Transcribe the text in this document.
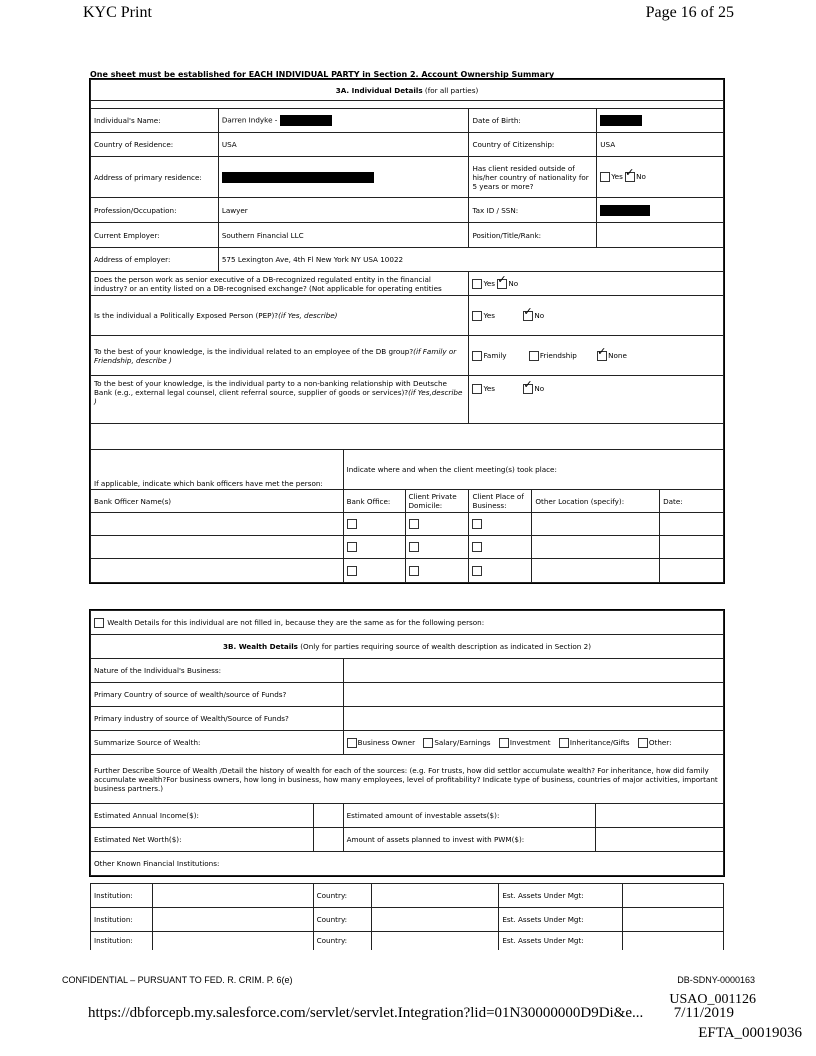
KYC Print	Page 16 of 25
One sheet must be established for EACH INDIVIDUAL PARTY in Section 2. Account Ownership Summary
3A. Individual Details (for all parties)							

Individual's Name:	Darren Indyke -			Date of Birth:			
Country of Residence:	USA			Country of Citizenship:		USA	
Address of primary residence:				Has client resided outside of his/her country of nationality for 5 years or more?		Yes ✓ No
Profession/Occupation:	Lawyer			Tax ID / SSN:			
Current Employer:	Southern Financial LLC			Position/Title/Rank:			
Address of employer:	575 Lexington Ave, 4th Fl New York NY USA 10022						
Does the person work as senior executive of a DB-recognized regulated entity in the financial industry? or an entity listed on a DB-recognised exchange? (Not applicable for operating entities				Yes ✓ No
Is the individual a Politically Exposed Person (PEP)?(if Yes, describe)				Yes ✓ No
To the best of your knowledge, is the individual related to an employee of the DB group?(if Family or Friendship, describe )				Family Friendship ✓ None
To the best of your knowledge, is the individual party to a non-banking relationship with Deutsche Bank (e.g., external legal counsel, client referral source, supplier of goods or services)?(if Yes,describe )				Yes ✓ No

If applicable, indicate which bank officers have met the person:		Indicate where and when the client meeting(s) took place:					
Bank Officer Name(s)		Bank Office:	Client Private Domicile:	Client Place of Business:	Other Location (specify):		Date:

Wealth Details for this individual are not filled in, because they are the same as for the following person:			
3B. Wealth Details (Only for parties requiring source of wealth description as indicated in Section 2)			
Nature of the Individual's Business:			
Primary Country of source of wealth/source of Funds?			
Primary industry of source of Wealth/Source of Funds?			
Summarize Source of Wealth:		Business Owner Salary/Earnings Investment Inheritance/Gifts Other:	
Further Describe Source of Wealth /Detail the history of wealth for each of the sources: (e.g. For trusts, how did settlor accumulate wealth? For inheritance, how did family accumulate wealth?For business owners, how long in business, how many employees, level of profitability? Indicate type of business, countries of major activities, important business partners.)			
Estimated Annual Income($):		Estimated amount of investable assets($):	
Estimated Net Worth($):		Amount of assets planned to invest with PWM($):	
Other Known Financial Institutions:			
Institution:		Country:		Est. Assets Under Mgt:	
Institution:		Country:		Est. Assets Under Mgt:	
Institution:		Country:		Est. Assets Under Mgt:	
CONFIDENTIAL – PURSUANT TO FED. R. CRIM. P. 6(e)	DB-SDNY-0000163
USAO_001126
https://dbforcepb.my.salesforce.com/servlet/servlet.Integration?lid=01N30000000D9Di&e... 7/11/2019
EFTA_00019036
